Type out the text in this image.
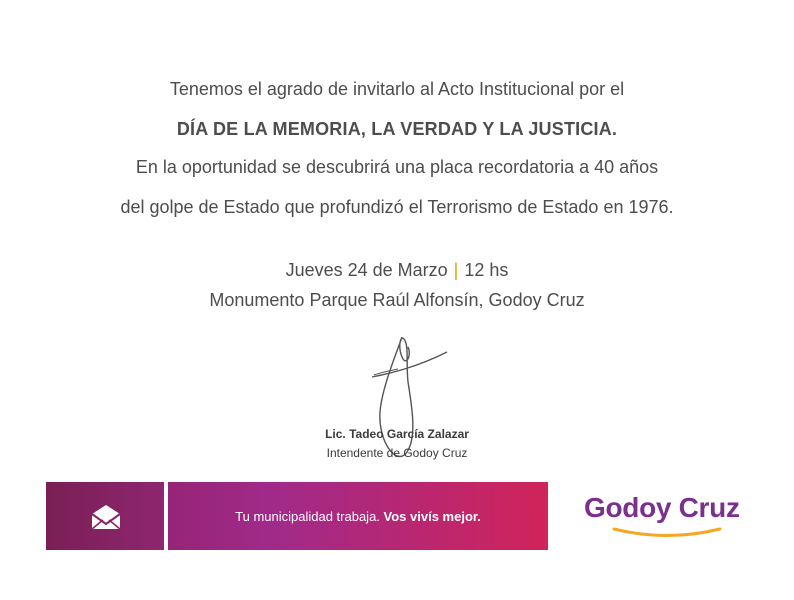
Tenemos el agrado de invitarlo al Acto Institucional por el
DÍA DE LA MEMORIA, LA VERDAD Y LA JUSTICIA.
En la oportunidad se descubrirá una placa recordatoria a 40 años
del golpe de Estado que profundizó el Terrorismo de Estado en 1976.
Jueves 24 de Marzo | 12 hs
Monumento Parque Raúl Alfonsín, Godoy Cruz
Lic. Tadeo García Zalazar
Intendente de Godoy Cruz
Tu municipalidad trabaja.
Vos vivís mejor.	Godoy Cruz
